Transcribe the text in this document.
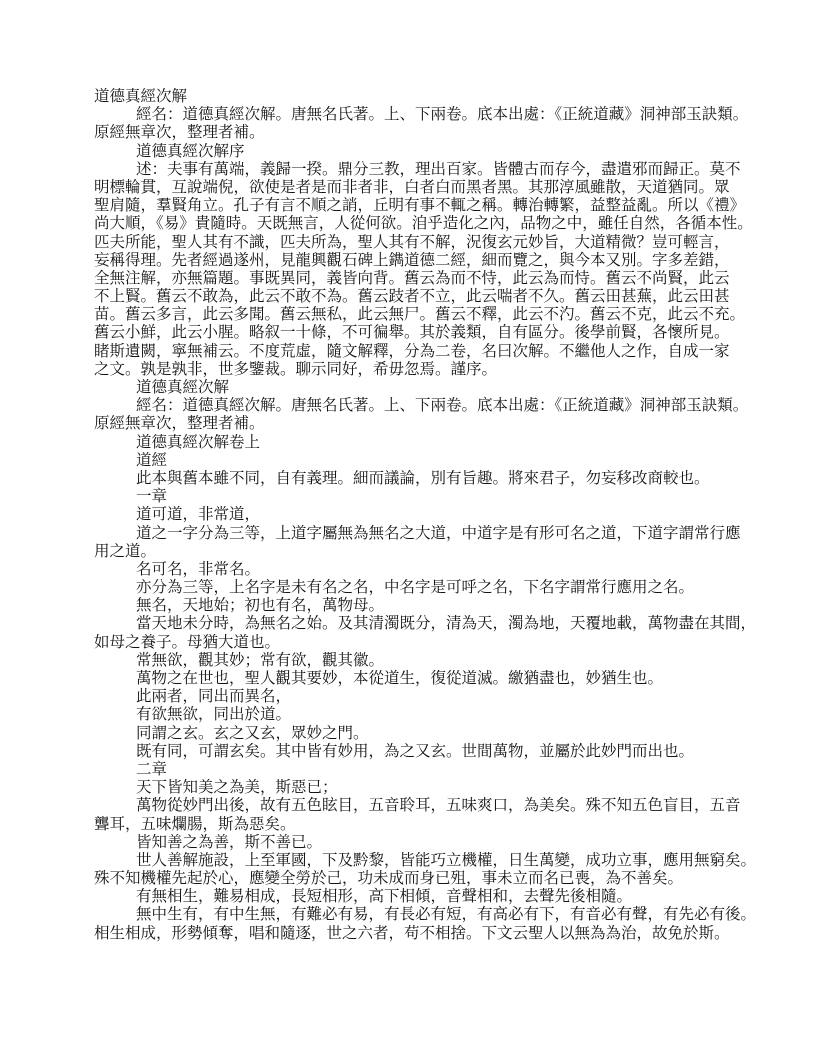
道德真經次解
經名：道德真經次解。唐無名氏著。上、下兩卷。底本出處：《正統道藏》洞神部玉訣類。
原經無章次，整理者補。
道德真經次解序
述：夫事有萬端，義歸一揆。鼎分三教，理出百家。皆體古而存今，盡遣邪而歸正。莫不
明標輪貫，互說端倪，欲使是者是而非者非，白者白而黑者黑。其那淳風雖散，天道猶同。眾
聖肩隨，羣賢角立。孔子有言不順之誚，丘明有事不輒之稱。轉治轉繁，益整益亂。所以《禮》
尚大順，《易》貴隨時。天既無言，人從何欲。洎乎造化之內，品物之中，雖任自然，各循本性。
匹夫所能，聖人其有不識，匹夫所為，聖人其有不解，況復玄元妙旨，大道精微？豈可輕言，
妄稱得理。先者經過遂州，見龍興觀石碑上鐫道德二經，細而覽之，與今本又別。字多差錯，
全無注解，亦無篇題。事既異同，義皆向背。舊云為而不恃，此云為而恃。舊云不尚賢，此云
不上賢。舊云不敢為，此云不敢不為。舊云跂者不立，此云喘者不久。舊云田甚蕪，此云田甚
苗。舊云多言，此云多聞。舊云無私，此云無尸。舊云不釋，此云不汋。舊云不克，此云不充。
舊云小鮮，此云小腥。略叙一十條，不可徧舉。其於義類，自有區分。後學前賢，各懷所見。
睹斯遺闕，寧無補云。不度荒虛，隨文解釋，分為二卷，名曰次解。不繼他人之作，自成一家
之文。孰是孰非，世多鑒裁。聊示同好，希毋忽焉。謹序。
道德真經次解
經名：道德真經次解。唐無名氏著。上、下兩卷。底本出處：《正統道藏》洞神部玉訣類。
原經無章次，整理者補。
道德真經次解卷上
道經
此本與舊本雖不同，自有義理。細而議論，別有旨趣。將來君子，勿妄移改商較也。
一章
道可道，非常道，
道之一字分為三等，上道字屬無為無名之大道，中道字是有形可名之道，下道字謂常行應
用之道。
名可名，非常名。
亦分為三等，上名字是未有名之名，中名字是可呼之名，下名字謂常行應用之名。
無名，天地始；初也有名，萬物母。
當天地未分時，為無名之始。及其清濁既分，清為天，濁為地，天覆地載，萬物盡在其間，
如母之養子。母猶大道也。
常無欲，觀其妙；常有欲，觀其徽。
萬物之在世也，聖人觀其要妙，本從道生，復從道滅。繳猶盡也，妙猶生也。
此兩者，同出而異名，
有欲無欲，同出於道。
同謂之玄。玄之又玄，眾妙之門。
既有同，可謂玄矣。其中皆有妙用，為之又玄。世間萬物，並屬於此妙門而出也。
二章
天下皆知美之為美，斯惡已；
萬物從妙門出後，故有五色眩目，五音聆耳，五味爽口，為美矣。殊不知五色盲目，五音
聾耳，五味爛腸，斯為惡矣。
皆知善之為善，斯不善已。
世人善解施設，上至軍國，下及黔黎，皆能巧立機權，日生萬變，成功立事，應用無窮矣。
殊不知機權先起於心，應變全勞於己，功未成而身已殂，事未立而名已喪，為不善矣。
有無相生，難易相成，長短相形，高下相傾，音聲相和，去聲先後相隨。
無中生有，有中生無，有難必有易，有長必有短，有高必有下，有音必有聲，有先必有後。
相生相成，形勢傾奪，唱和隨逐，世之六者，苟不相捨。下文云聖人以無為為治，故免於斯。
